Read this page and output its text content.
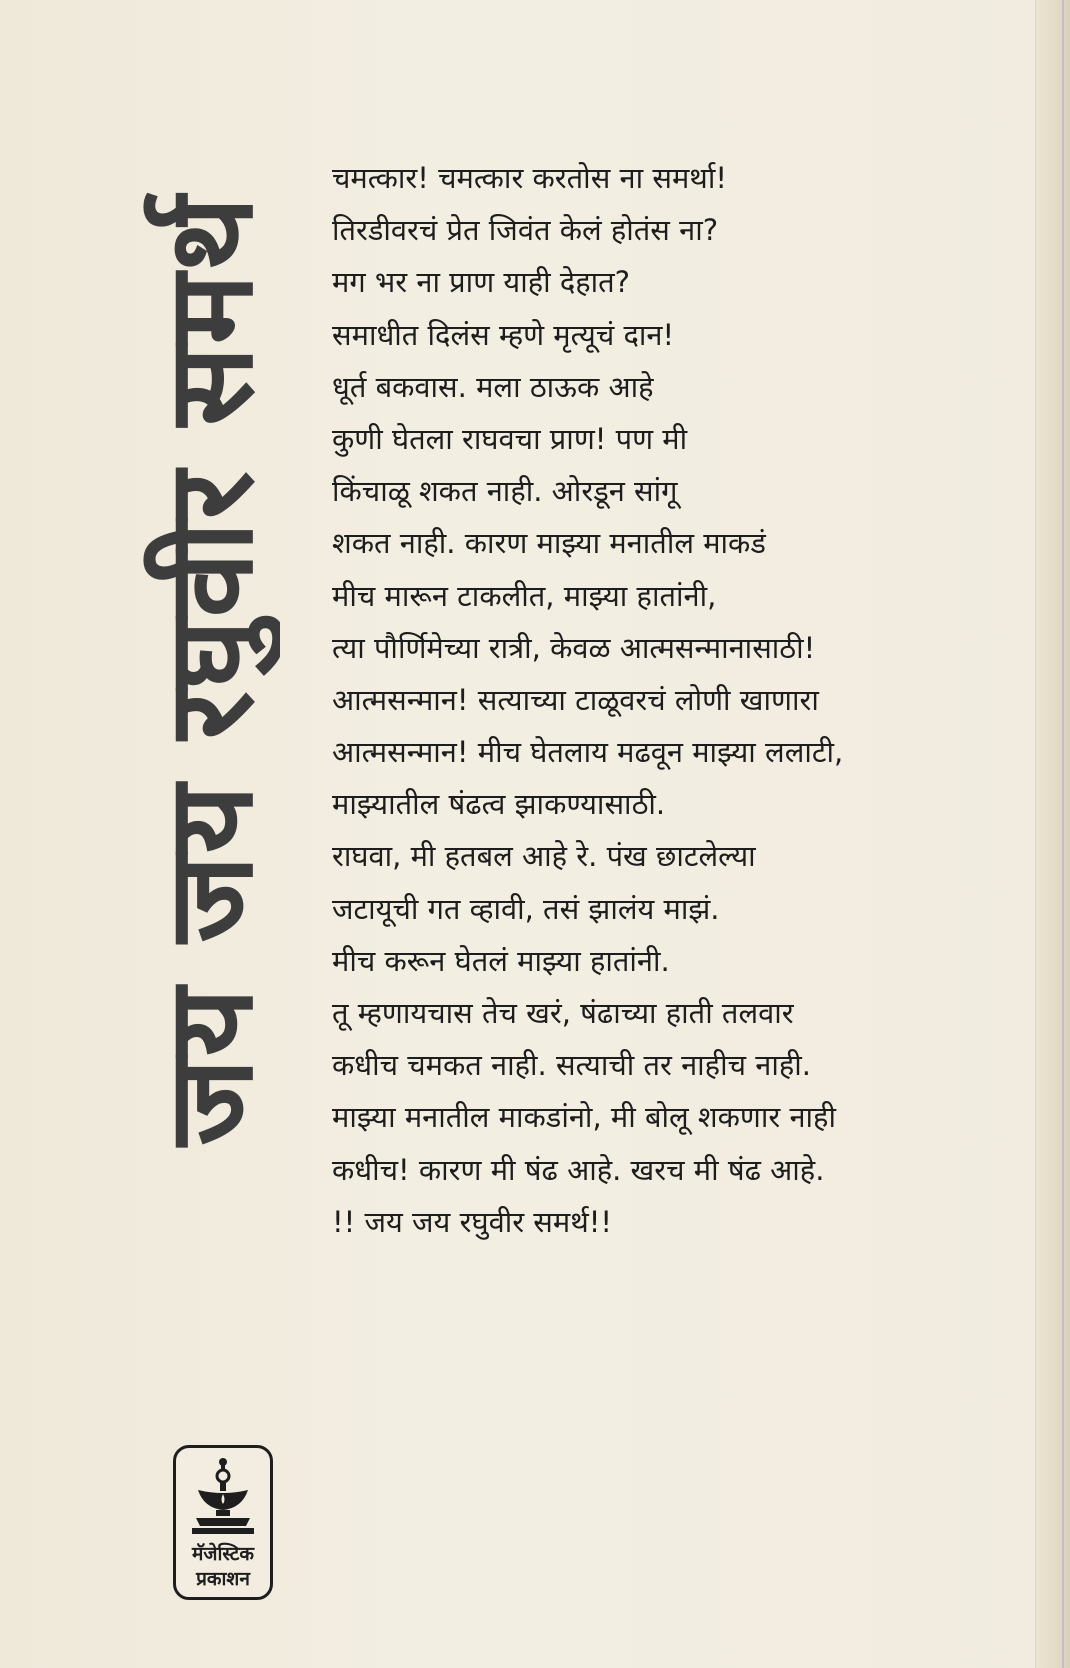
जय जय रघुवीर समर्थ
चमत्कार! चमत्कार करतोस ना समर्था!
तिरडीवरचं प्रेत जिवंत केलं होतंस ना?
मग भर ना प्राण याही देहात?
समाधीत दिलंस म्हणे मृत्यूचं दान!
धूर्त बकवास. मला ठाऊक आहे
कुणी घेतला राघवचा प्राण! पण मी
किंचाळू शकत नाही. ओरडून सांगू
शकत नाही. कारण माझ्या मनातील माकडं
मीच मारून टाकलीत, माझ्या हातांनी,
त्या पौर्णिमेच्या रात्री, केवळ आत्मसन्मानासाठी!
आत्मसन्मान! सत्याच्या टाळूवरचं लोणी खाणारा
आत्मसन्मान! मीच घेतलाय मढवून माझ्या ललाटी,
माझ्यातील षंढत्व झाकण्यासाठी.
राघवा, मी हतबल आहे रे. पंख छाटलेल्या
जटायूची गत व्हावी, तसं झालंय माझं.
मीच करून घेतलं माझ्या हातांनी.
तू म्हणायचास तेच खरं, षंढाच्या हाती तलवार
कधीच चमकत नाही. सत्याची तर नाहीच नाही.
माझ्या मनातील माकडांनो, मी बोलू शकणार नाही
कधीच! कारण मी षंढ आहे. खरच मी षंढ आहे.
!! जय जय रघुवीर समर्थ!!
मॅजेस्टिक
प्रकाशन
